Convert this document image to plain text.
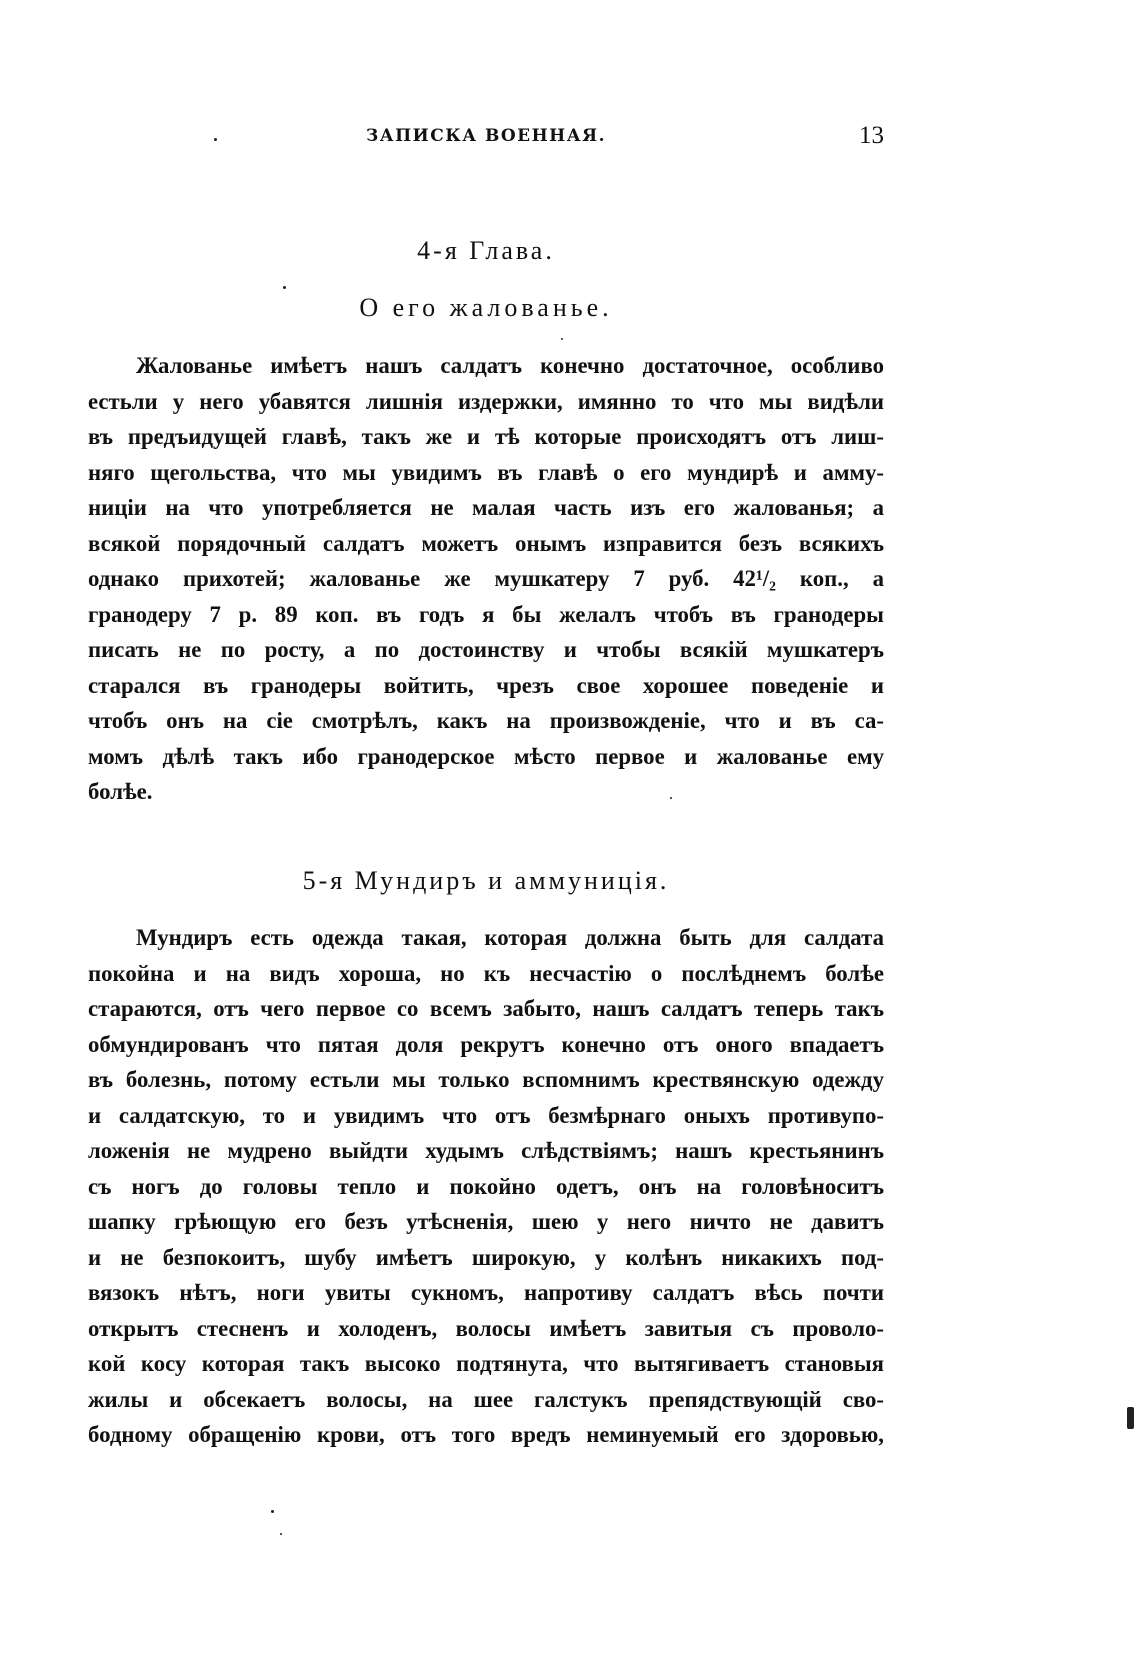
ЗАПИСКА ВОЕННАЯ.	13
4-я Глава.
О его жалованье.
Жалованье имѣетъ нашъ салдатъ конечно достаточное, особливо
естьли у него убавятся лишнія издержки, имянно то что мы видѣли
въ предъидущей главѣ, такъ же и тѣ которые происходятъ отъ лиш-
няго щегольства, что мы увидимъ въ главѣ о его мундирѣ и амму-
ниціи на что употребляется не малая часть изъ его жалованья; а
всякой порядочный салдатъ можетъ онымъ изправится безъ всякихъ
однако прихотей; жалованье же мушкатеру 7 руб. 42¹/₂ коп., а
гранодеру 7 р. 89 коп. въ годъ я бы желалъ чтобъ въ гранодеры
писать не по росту, а по достоинству и чтобы всякій мушкатеръ
старался въ гранодеры войтить, чрезъ свое хорошее поведеніе и
чтобъ онъ на сіе смотрѣлъ, какъ на произвожденіе, что и въ са-
момъ дѣлѣ такъ ибо гранодерское мѣсто первое и жалованье ему
болѣе.
5-я Мундиръ и аммуниція.
Мундиръ есть одежда такая, которая должна быть для салдата
покойна и на видъ хороша, но къ несчастію о послѣднемъ болѣе
стараются, отъ чего первое со всемъ забыто, нашъ салдатъ теперь такъ
обмундированъ что пятая доля рекрутъ конечно отъ оного впадаетъ
въ болезнь, потому естьли мы только вспомнимъ крествянскую одежду
и салдатскую, то и увидимъ что отъ безмѣрнаго оныхъ противупо-
ложенія не мудрено выйдти худымъ слѣдствіямъ; нашъ крестьянинъ
съ ногъ до головы тепло и покойно одетъ, онъ на головѣноситъ
шапку грѣющую его безъ утѣсненія, шею у него ничто не давитъ
и не безпокоитъ, шубу имѣетъ широкую, у колѣнъ никакихъ под-
вязокъ нѣтъ, ноги увиты сукномъ, напротиву салдатъ вѣсь почти
открытъ стесненъ и холоденъ, волосы имѣетъ завитыя съ проволо-
кой косу которая такъ высоко подтянута, что вытягиваетъ становыя
жилы и обсекаетъ волосы, на шее галстукъ препядствующій сво-
бодному обращенію крови, отъ того вредъ неминуемый его здоровью,
